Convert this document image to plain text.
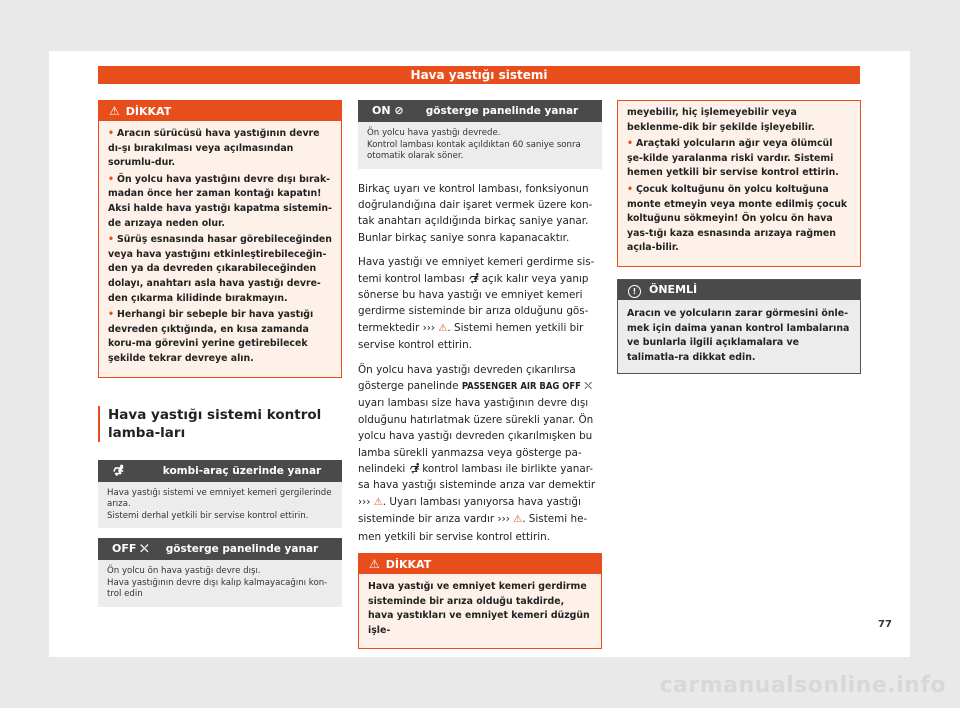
Hava yastığı sistemi
⚠ DİKKAT

• Aracın sürücüsü hava yastığının devre dı-şı bırakılması veya açılmasından sorumlu-dur.

• Ön yolcu hava yastığını devre dışı bırak-madan önce her zaman kontağı kapatın! Aksi halde hava yastığı kapatma sistemin-de arızaya neden olur.

• Sürüş esnasında hasar görebileceğinden veya hava yastığını etkinleştirebileceğin-den ya da devreden çıkarabileceğinden dolayı, anahtarı asla hava yastığı devre-den çıkarma kilidinde bırakmayın.

• Herhangi bir sebeple bir hava yastığı devreden çıktığında, en kısa zamanda koru-ma görevini yerine getirebilecek şekilde tekrar devreye alın.

Hava yastığı sistemi kontrol lamba-ları
🮲	kombi-araç üzerinde yanar
Hava yastığı sistemi ve emniyet kemeri gergilerinde arıza.
Sistemi derhal yetkili bir servise kontrol ettirin.
OFF ⛌	gösterge panelinde yanar
Ön yolcu ön hava yastığı devre dışı.
Hava yastığının devre dışı kalıp kalmayacağını kon-trol edin
ON ⊘	gösterge panelinde yanar
Ön yolcu hava yastığı devrede.
Kontrol lambası kontak açıldıktan 60 saniye sonra otomatik olarak söner.

Birkaç uyarı ve kontrol lambası, fonksiyonun doğrulandığına dair işaret vermek üzere kon-tak anahtarı açıldığında birkaç saniye yanar. Bunlar birkaç saniye sonra kapanacaktır.

Hava yastığı ve emniyet kemeri gerdirme sis-temi kontrol lambası 🮲 açık kalır veya yanıp sönerse bu hava yastığı ve emniyet kemeri gerdirme sisteminde bir arıza olduğunu gös-termektedir ››› ⚠. Sistemi hemen yetkili bir servise kontrol ettirin.

Ön yolcu hava yastığı devreden çıkarılırsa gösterge panelinde PASSENGER AIR BAG OFF ⛌ uyarı lambası size hava yastığının devre dışı olduğunu hatırlatmak üzere sürekli yanar. Ön yolcu hava yastığı devreden çıkarılmışken bu lamba sürekli yanmazsa veya gösterge pa-nelindeki 🮲 kontrol lambası ile birlikte yanar-sa hava yastığı sisteminde arıza var demektir ››› ⚠. Uyarı lambası yanıyorsa hava yastığı sisteminde bir arıza vardır ››› ⚠. Sistemi he-men yetkili bir servise kontrol ettirin.

⚠ DİKKAT

Hava yastığı ve emniyet kemeri gerdirme sisteminde bir arıza olduğu takdirde, hava yastıkları ve emniyet kemeri düzgün işle-

meyebilir, hiç işlemeyebilir veya beklenme-dik bir şekilde işleyebilir.

• Araçtaki yolcuların ağır veya ölümcül şe-kilde yaralanma riski vardır. Sistemi hemen yetkili bir servise kontrol ettirin.

• Çocuk koltuğunu ön yolcu koltuğuna monte etmeyin veya monte edilmiş çocuk koltuğunu sökmeyin! Ön yolcu ön hava yas-tığı kaza esnasında arızaya rağmen açıla-bilir.

! ÖNEMLİ
Aracın ve yolcuların zarar görmesini önle-mek için daima yanan kontrol lambalarına ve bunlarla ilgili açıklamalara ve talimatla-ra dikkat edin.
77
carmanualsonline.info
